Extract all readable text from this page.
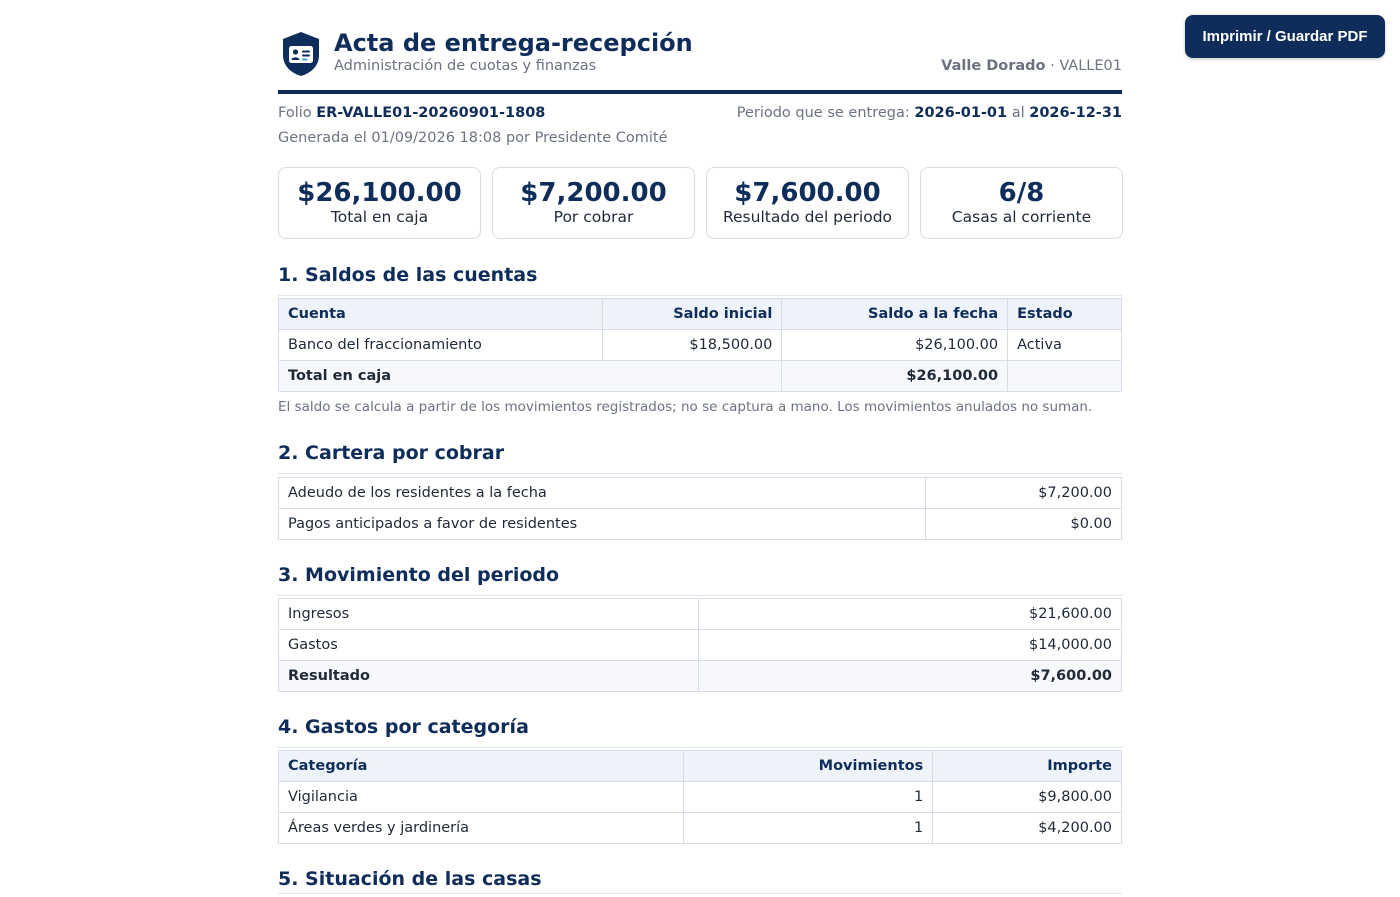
Imprimir / Guardar PDF
Acta de entrega-recepción
Administración de cuotas y finanzas	Valle Dorado · VALLE01
Folio ER-VALLE01-20260901-1808	Periodo que se entrega: 2026-01-01 al 2026-12-31
Generada el 01/09/2026 18:08 por Presidente Comité
$26,100.00
Total en caja
$7,200.00
Por cobrar
$7,600.00
Resultado del periodo
6/8
Casas al corriente
1. Saldos de las cuentas
Cuenta	Saldo inicial	Saldo a la fecha	Estado
Banco del fraccionamiento	$18,500.00	$26,100.00	Activa
Total en caja		$26,100.00	
El saldo se calcula a partir de los movimientos registrados; no se captura a mano. Los movimientos anulados no suman.
2. Cartera por cobrar
Adeudo de los residentes a la fecha	$7,200.00
Pagos anticipados a favor de residentes	$0.00
3. Movimiento del periodo
Ingresos	$21,600.00
Gastos	$14,000.00
Resultado	$7,600.00
4. Gastos por categoría
Categoría	Movimientos	Importe
Vigilancia	1	$9,800.00
Áreas verdes y jardinería	1	$4,200.00
5. Situación de las casas
